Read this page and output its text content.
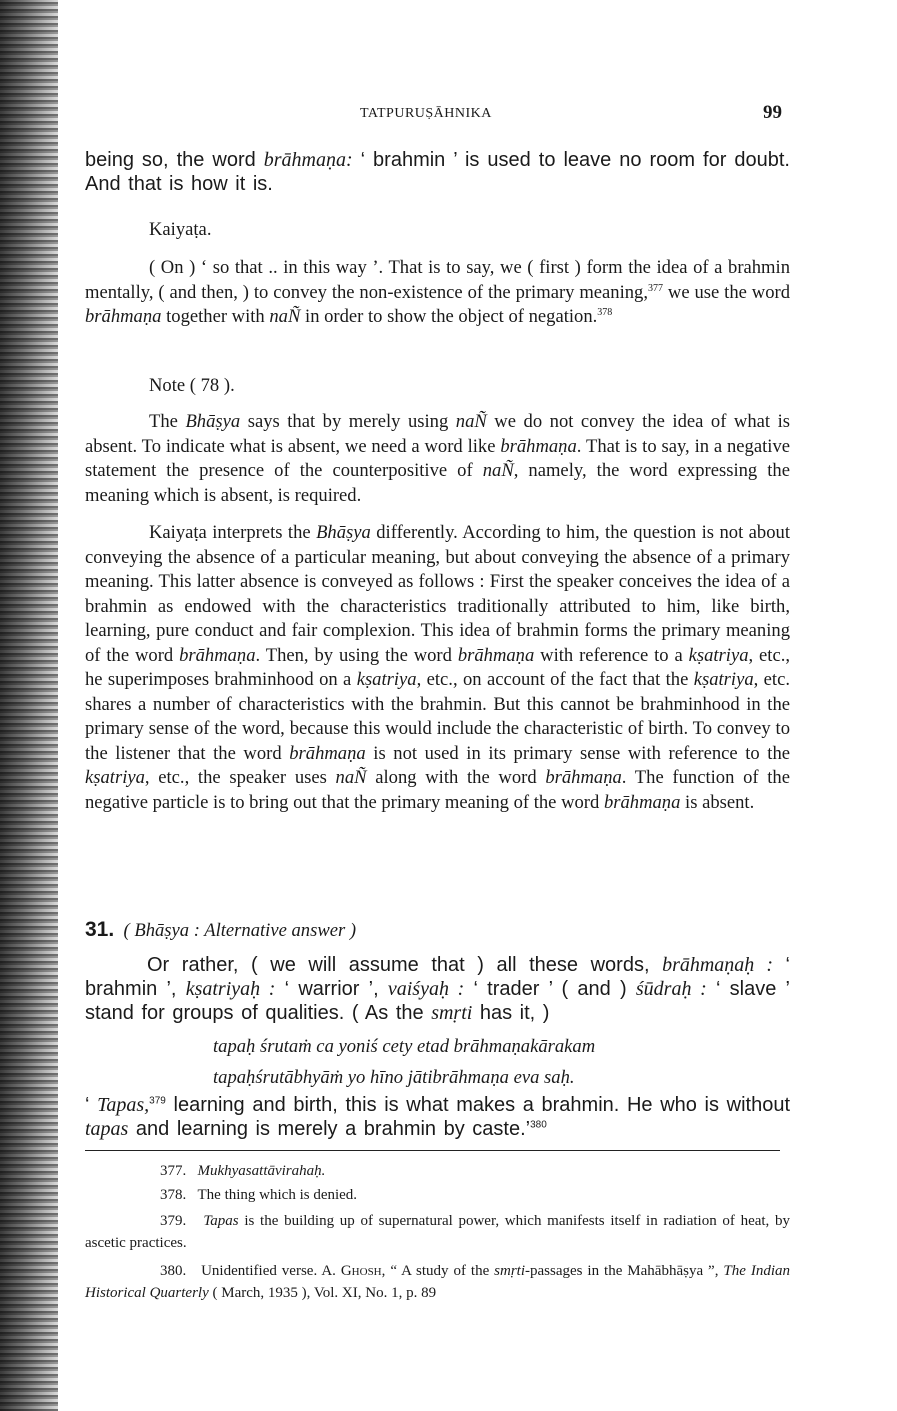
TATPURUṢĀHNIKA	99

being so, the word brāhmaṇa: ‘ brahmin ’ is used to leave no room for doubt. And that is how it is.

Kaiyaṭa.

( On ) ‘ so that .. in this way ’. That is to say, we ( first ) form the idea of a brahmin mentally, ( and then, ) to convey the non-existence of the primary meaning,$^{377}$ we use the word brāhmaṇa together with naÑ in order to show the object of negation.$^{378}$

Note ( 78 ).

The Bhāṣya says that by merely using naÑ we do not convey the idea of what is absent. To indicate what is absent, we need a word like brāhmaṇa. That is to say, in a negative statement the presence of the counterpositive of naÑ, namely, the word expressing the meaning which is absent, is required.

Kaiyaṭa interprets the Bhāṣya differently. According to him, the question is not about conveying the absence of a particular meaning, but about conveying the absence of a primary meaning. This latter absence is conveyed as follows : First the speaker conceives the idea of a brahmin as endowed with the characteristics traditionally attributed to him, like birth, learning, pure conduct and fair complexion. This idea of brahmin forms the primary meaning of the word brāhmaṇa. Then, by using the word brāhmaṇa with reference to a kṣatriya, etc., he superimposes brahminhood on a kṣatriya, etc., on account of the fact that the kṣatriya, etc. shares a number of characteristics with the brahmin. But this cannot be brahminhood in the primary sense of the word, because this would include the characteristic of birth. To convey to the listener that the word brāhmaṇa is not used in its primary sense with reference to the kṣatriya, etc., the speaker uses naÑ along with the word brāhmaṇa. The function of the negative particle is to bring out that the primary meaning of the word brāhmaṇa is absent.

31. ( Bhāṣya : Alternative answer )

Or rather, ( we will assume that ) all these words, brāhmaṇaḥ : ‘ brahmin ’, kṣatriyaḥ : ‘ warrior ’, vaiśyaḥ : ‘ trader ’ ( and ) śūdraḥ : ‘ slave ’ stand for groups of qualities. ( As the smṛti has it, )

tapaḥ śrutaṁ ca yoniś cety etad brāhmaṇakārakam

tapaḥśrutābhyāṁ yo hīno jātibrāhmaṇa eva saḥ.

‘ Tapas,$^{379}$ learning and birth, this is what makes a brahmin. He who is without tapas and learning is merely a brahmin by caste.’$^{380}$

377. Mukhyasattāvirahaḥ.

378. The thing which is denied.

379. Tapas is the building up of supernatural power, which manifests itself in radiation of heat, by ascetic practices.

380. Unidentified verse. A. Ghosh, “ A study of the smṛti-passages in the Mahābhāṣya ”, The Indian Historical Quarterly ( March, 1935 ), Vol. XI, No. 1, p. 89
